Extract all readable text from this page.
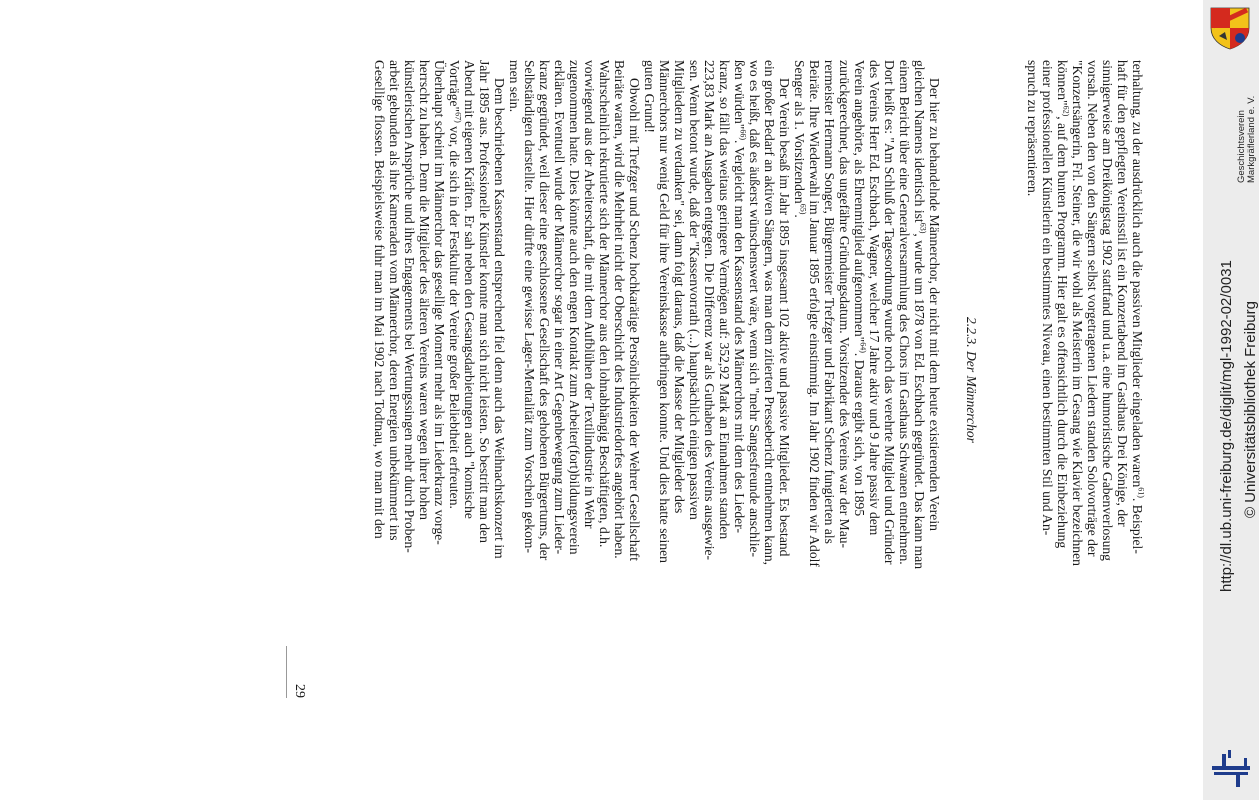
terhaltung, zu der ausdrücklich auch die passiven Mitglieder eingeladen waren$^{61)}$. Beispiel-

haft für den gepflegten Vereinsstil ist ein Konzertabend im Gasthaus Drei Könige, der

sinnigerweise am Dreikönigstag 1902 stattfand und u.a. eine humoristische Gabenverlosung

vorsah. Neben den von den Sängern selbst vorgetragenen Liedern standen Solovorträge der

"Konzertsängerin, Frl. Steiner, die wir wohl als Meisterin im Gesang wie Klavier bezeichnen

können"$^{62)}$, auf dem bunten Programm. Hier galt es offensichtlich durch die Einbeziehung

einer professionellen Künstlerin ein bestimmtes Niveau, einen bestimmten Stil und An-

spruch zu repräsentieren.

2.2.3. Der Männerchor

Der hier zu behandelnde Männerchor, der nicht mit dem heute existierenden Verein

gleichen Namens identisch ist$^{63)}$, wurde um 1878 von Ed. Eschbach gegründet. Das kann man

einem Bericht über eine Generalversammlung des Chors im Gasthaus Schwanen entnehmen.

Dort heißt es: "Am Schluß der Tagesordnung wurde noch das verehrte Mitglied und Gründer

des Vereins Herr Ed. Eschbach, Wagner, welcher 17 Jahre aktiv und 9 Jahre passiv dem

Verein angehörte, als Ehrenmitglied aufgenommen"$^{64)}$. Daraus ergibt sich, von 1895

zurückgerechnet, das ungefähre Gründungsdatum. Vorsitzender des Vereins war der Mau-

rermeister Hermann Songer, Bürgermeister Trefzger und Fabrikant Schenz fungierten als

Beiräte. Ihre Wiederwahl im Januar 1895 erfolgte einstimmig. Im Jahr 1902 finden wir Adolf

Senger als 1. Vorsitzenden$^{65)}$.

Der Verein besaß im Jahr 1895 insgesamt 102 aktive und passive Mitglieder. Es bestand

ein großer Bedarf an aktiven Sängern, was man dem zitierten Pressebericht entnehmen kann,

wo es heißt, daß es äußerst wünschenswert wäre, wenn sich "mehr Sangesfreunde anschlie-

ßen würden"$^{66)}$. Vergleicht man den Kassenstand des Männerchors mit dem des Lieder-

kranz, so fällt das weitaus geringere Vermögen auf: 352,92 Mark an Einnahmen standen

223,83 Mark an Ausgaben entgegen. Die Differenz war als Guthaben des Vereins ausgewie-

sen. Wenn betont wurde, daß der "Kassenvorrath (...) hauptsächlich einigen passiven

Mitgliedern zu verdanken" sei, dann folgt daraus, daß die Masse der Mitglieder des

Männerchors nur wenig Geld für ihre Vereinskasse aufbringen konnte. Und dies hatte seinen

guten Grund!

Obwohl mit Trefzger und Schenz hochkarätige Persönlichkeiten der Wehrer Gesellschaft

Beiräte waren, wird die Mehrheit nicht der Oberschicht des Industriedorfes angehört haben.

Wahrscheinlich rekrutierte sich der Männerchor aus den lohnabhängig Beschäftigten, d.h.

vorwiegend aus der Arbeiterschaft, die mit dem Aufblühen der Textilindustrie in Wehr

zugenommen hatte. Dies könnte auch den engen Kontakt zum Arbeiter(fort)bildungsverein

erklären. Eventuell wurde der Männerchor sogar in einer Art Gegenbewegung zum Lieder-

kranz gegründet, weil dieser eine geschlossene Gesellschaft des gehobenen Bürgertums, der

Selbständigen darstellte. Hier dürfte eine gewisse Lager-Mentalität zum Vorschein gekom-

men sein.

Dem beschriebenen Kassenstand entsprechend fiel denn auch das Weihnachtskonzert im

Jahr 1895 aus. Professionelle Künstler konnte man sich nicht leisten. So bestritt man den

Abend mit eigenen Kräften. Er sah neben den Gesangsdarbietungen auch "komische

Vorträge"$^{67)}$ vor, die sich in der Festkultur der Vereine großer Beliebtheit erfreuten.

Überhaupt scheint im Männerchor das gesellige Moment mehr als im Liederkranz vorge-

herrscht zu haben. Denn die Mitglieder des älteren Vereins waren wegen ihrer hohen

künstlerischen Ansprüche und ihres Engagements bei Wertungssingen mehr durch Proben-

arbeit gebunden als ihre Kameraden vom Männerchor, deren Energien unbekümmert ins

Gesellige flossen. Beispielsweise fuhr man im Mai 1902 nach Todtnau, wo man mit den

29
http://dl.ub.uni-freiburg.de/diglit/mgl-1992-02/0031 © Universitätsbibliothek Freiburg
Geschichtsverein Markgräflerland e. V.
